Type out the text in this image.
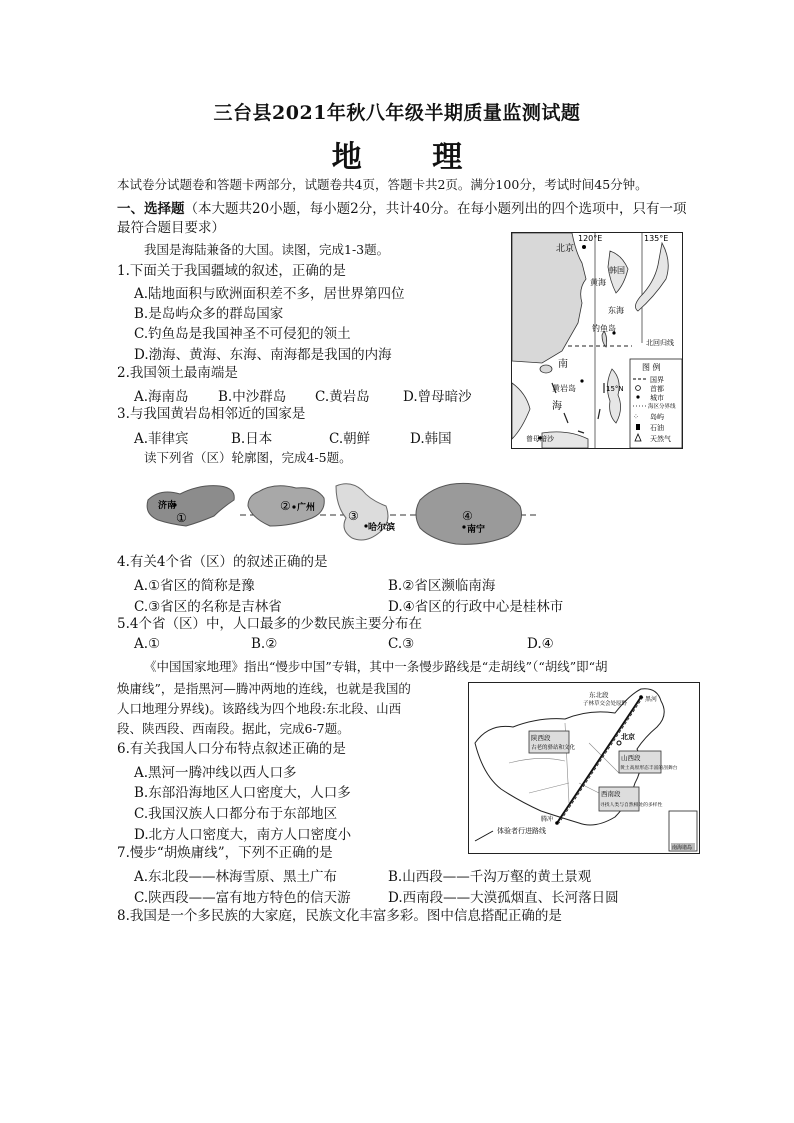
三台县2021年秋八年级半期质量监测试题
地 理
本试卷分试题卷和答题卡两部分，试题卷共4页，答题卡共2页。满分100分，考试时间45分钟。
一、选择题（本大题共20小题，每小题2分，共计40分。在每小题列出的四个选项中，只有一项
最符合题目要求）
我国是海陆兼备的大国。读图，完成1-3题。
1.下面关于我国疆域的叙述，正确的是
A.陆地面积与欧洲面积差不多，居世界第四位
B.是岛屿众多的群岛国家
C.钓鱼岛是我国神圣不可侵犯的领土
D.渤海、黄海、东海、南海都是我国的内海
2.我国领土最南端是
A.海南岛 B.中沙群岛 C.黄岩岛 D.曾母暗沙
3.与我国黄岩岛相邻近的国家是
A.菲律宾	B.日本	C.朝鲜	D.韩国
图 例
国界
首都
城市
海区分界线
⁘ 岛屿
石油
天然气
120°E	135°E
北京
韩国
黄海
东海
钓鱼岛
北回归线
南
黄岩岛	15°N
海
曾母暗沙
读下列省（区）轮廓图，完成4-5题。
济南
①
② 广州
③
哈尔滨
④
南宁
4.有关4个省（区）的叙述正确的是
A.①省区的简称是豫	B.②省区濒临南海
C.③省区的名称是吉林省	D.④省区的行政中心是桂林市
5.4个省（区）中，人口最多的少数民族主要分布在
A.①	B.②	C.③	D.④
《中国国家地理》指出“慢步中国”专辑，其中一条慢步路线是“走胡线”（“胡线”即“胡
焕庸线”，是指黑河—腾冲两地的连线，也就是我国的
人口地理分界线)。该路线为四个地段:东北段、山西
段、陕西段、西南段。据此，完成6-7题。
东北段
子林草交会处原野
黑河
陕西段
古老的驿站和文化
北京
山西段
黄土高原形态丰富的剖舞台
西南段
寻找人类与自然相处的多样性
腾冲
体验者行进路线
南海诸岛
6.有关我国人口分布特点叙述正确的是
A.黑河一腾冲线以西人口多
B.东部沿海地区人口密度大，人口多
C.我国汉族人口都分布于东部地区
D.北方人口密度大，南方人口密度小
7.慢步“胡焕庸线”，下列不正确的是
A.东北段——林海雪原、黑土广布	B.山西段——千沟万壑的黄土景观
C.陕西段——富有地方特色的信天游	D.西南段——大漠孤烟直、长河落日圆
8.我国是一个多民族的大家庭，民族文化丰富多彩。图中信息搭配正确的是
